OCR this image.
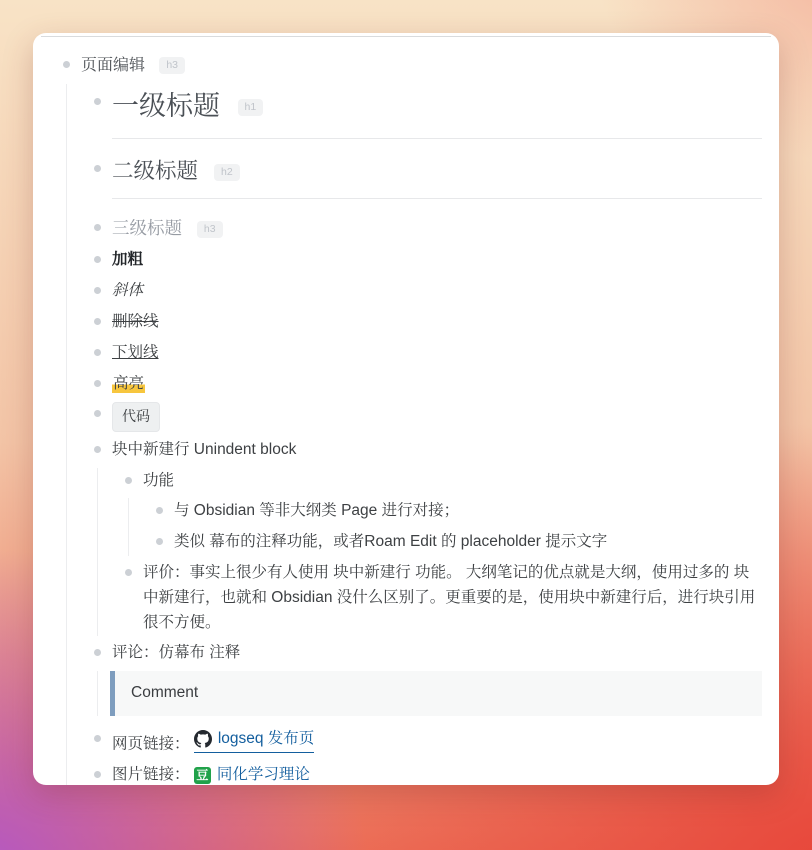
页面编辑 h3
一级标题 h1
二级标题 h2
三级标题 h3
加粗
斜体
删除线
下划线
高亮
代码
块中新建行 Unindent block
功能
与 Obsidian 等非大纲类 Page 进行对接；
类似 幕布的注释功能，或者Roam Edit 的 placeholder 提示文字
评价：事实上很少有人使用 块中新建行 功能。 大纲笔记的优点就是大纲，使用过多的 块中新建行，也就和 Obsidian 没什么区别了。更重要的是，使用块中新建行后，进行块引用很不方便。
评论：仿幕布 注释
Comment
网页链接： logseq 发布页
图片链接： 豆 同化学习理论
